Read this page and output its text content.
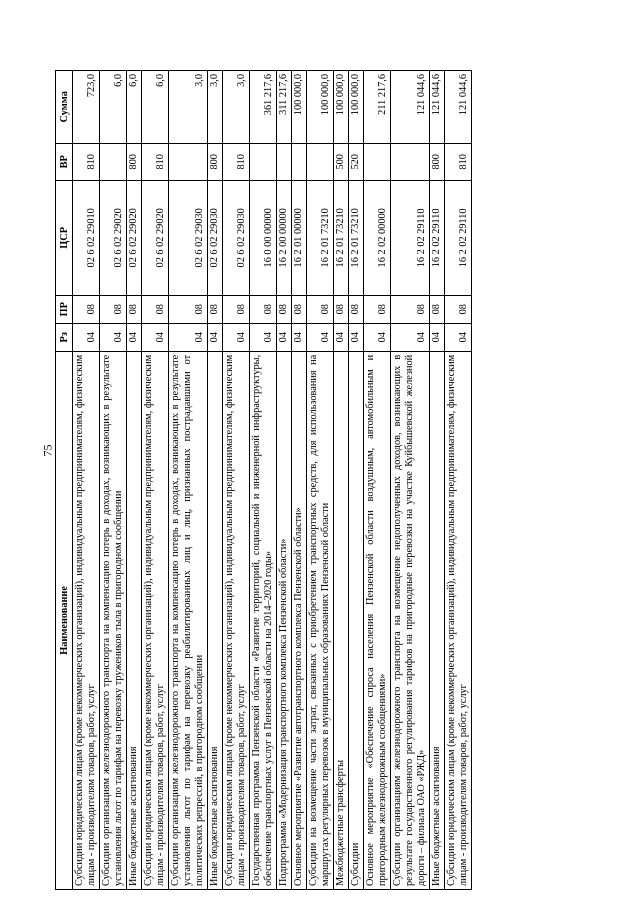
75
Наименование	Рз	ПР	ЦСР	ВР	Сумма
Субсидии юридическим лицам (кроме некоммерческих организаций), индивидуальным предпринимателям, физическим лицам - производителям товаров, работ, услуг	04	08	02 6 02 29010	810	723,0
Субсидии организациям железнодорожного транспорта на компенсацию потерь в доходах, возникающих в результате установления льгот по тарифам на перевозку тружеников тыла в пригородном сообщении	04	08	02 6 02 29020		6,0
Иные бюджетные ассигнования	04	08	02 6 02 29020	800	6,0
Субсидии юридическим лицам (кроме некоммерческих организаций), индивидуальным предпринимателям, физическим лицам - производителям товаров, работ, услуг	04	08	02 6 02 29020	810	6,0
Субсидии организациям железнодорожного транспорта на компенсацию потерь в доходах, возникающих в результате установления льгот по тарифам на перевозку реабилитированных лиц и лиц, признанных пострадавшими от политических репрессий, в пригородном сообщении	04	08	02 6 02 29030		3,0
Иные бюджетные ассигнования	04	08	02 6 02 29030	800	3,0
Субсидии юридическим лицам (кроме некоммерческих организаций), индивидуальным предпринимателям, физическим лицам - производителям товаров, работ, услуг	04	08	02 6 02 29030	810	3,0
Государственная программа Пензенской области «Развитие территорий, социальной и инженерной инфраструктуры, обеспечение транспортных услуг в Пензенской области на 2014–2020 годы»	04	08	16 0 00 00000		361 217,6
Подпрограмма «Модернизация транспортного комплекса Пензенской области»	04	08	16 2 00 00000		311 217,6
Основное мероприятие «Развитие автотранспортного комплекса Пензенской области»	04	08	16 2 01 00000		100 000,0
Субсидии на возмещение части затрат, связанных с приобретением транспортных средств, для использования на маршрутах регулярных перевозок в муниципальных образованиях Пензенской области	04	08	16 2 01 73210		100 000,0
Межбюджетные трансферты	04	08	16 2 01 73210	500	100 000,0
Субсидии	04	08	16 2 01 73210	520	100 000,0
Основное мероприятие «Обеспечение спроса населения Пензенской области воздушным, автомобильным и пригородным железнодорожным сообщениями»	04	08	16 2 02 00000		211 217,6
Субсидии организациям железнодорожного транспорта на возмещение недополученных доходов, возникающих в результате государственного регулирования тарифов на пригородные перевозки на участке Куйбышевской железной дороги – филиала ОАО «РЖД»	04	08	16 2 02 29110		121 044,6
Иные бюджетные ассигнования	04	08	16 2 02 29110	800	121 044,6
Субсидии юридическим лицам (кроме некоммерческих организаций), индивидуальным предпринимателям, физическим лицам - производителям товаров, работ, услуг	04	08	16 2 02 29110	810	121 044,6
